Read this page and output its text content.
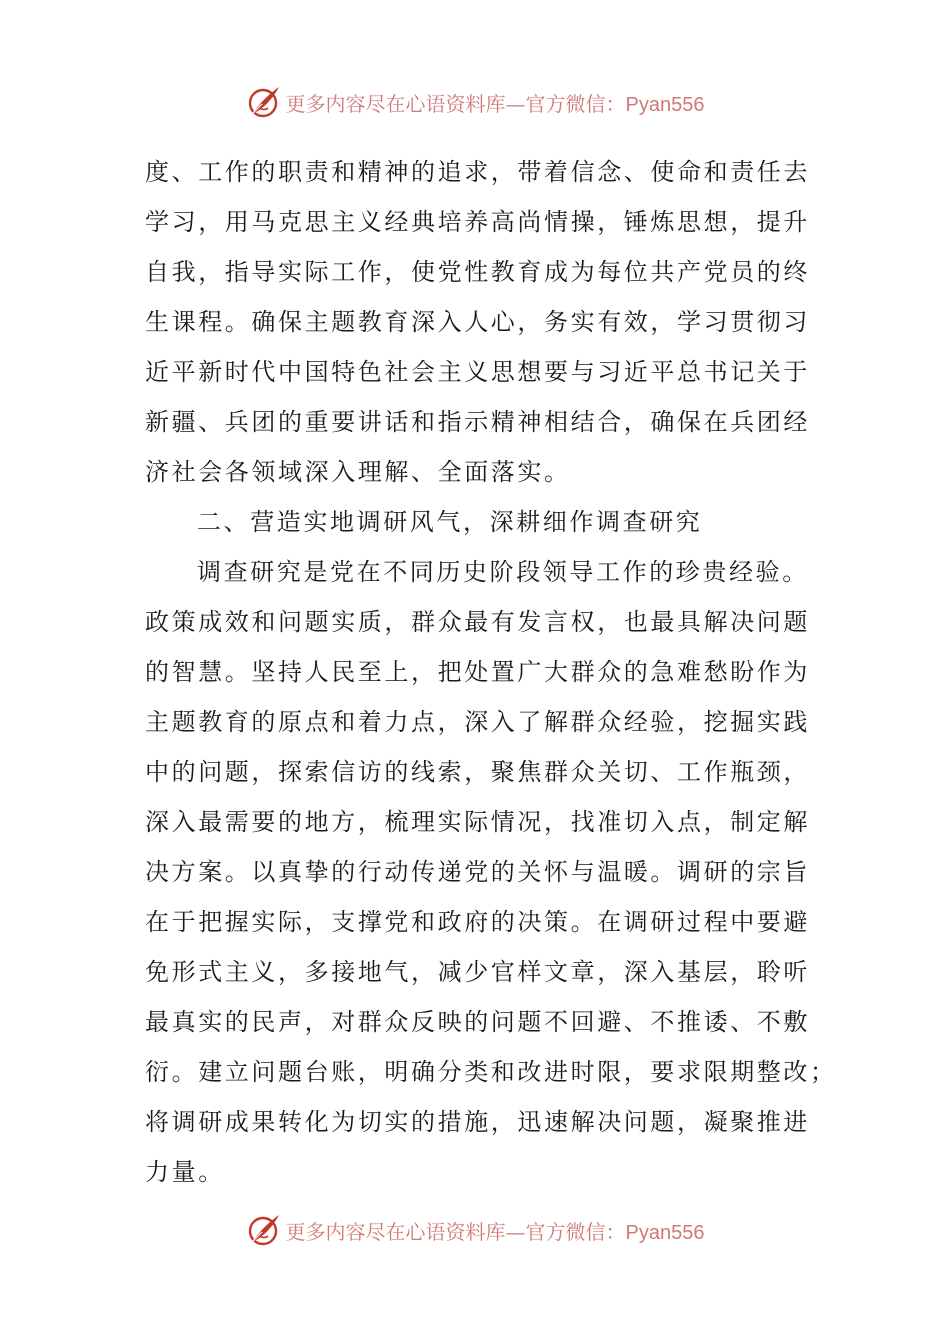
更多内容尽在心语资料库—官方微信：Pyan556
度、工作的职责和精神的追求，带着信念、使命和责任去
学习，用马克思主义经典培养高尚情操，锤炼思想，提升
自我，指导实际工作，使党性教育成为每位共产党员的终
生课程。确保主题教育深入人心，务实有效，学习贯彻习
近平新时代中国特色社会主义思想要与习近平总书记关于
新疆、兵团的重要讲话和指示精神相结合，确保在兵团经
济社会各领域深入理解、全面落实。
二、营造实地调研风气，深耕细作调查研究
调查研究是党在不同历史阶段领导工作的珍贵经验。
政策成效和问题实质，群众最有发言权，也最具解决问题
的智慧。坚持人民至上，把处置广大群众的急难愁盼作为
主题教育的原点和着力点，深入了解群众经验，挖掘实践
中的问题，探索信访的线索，聚焦群众关切、工作瓶颈，
深入最需要的地方，梳理实际情况，找准切入点，制定解
决方案。以真挚的行动传递党的关怀与温暖。调研的宗旨
在于把握实际，支撑党和政府的决策。在调研过程中要避
免形式主义，多接地气，减少官样文章，深入基层，聆听
最真实的民声，对群众反映的问题不回避、不推诿、不敷
衍。建立问题台账，明确分类和改进时限，要求限期整改；
将调研成果转化为切实的措施，迅速解决问题，凝聚推进
力量。
更多内容尽在心语资料库—官方微信：Pyan556
